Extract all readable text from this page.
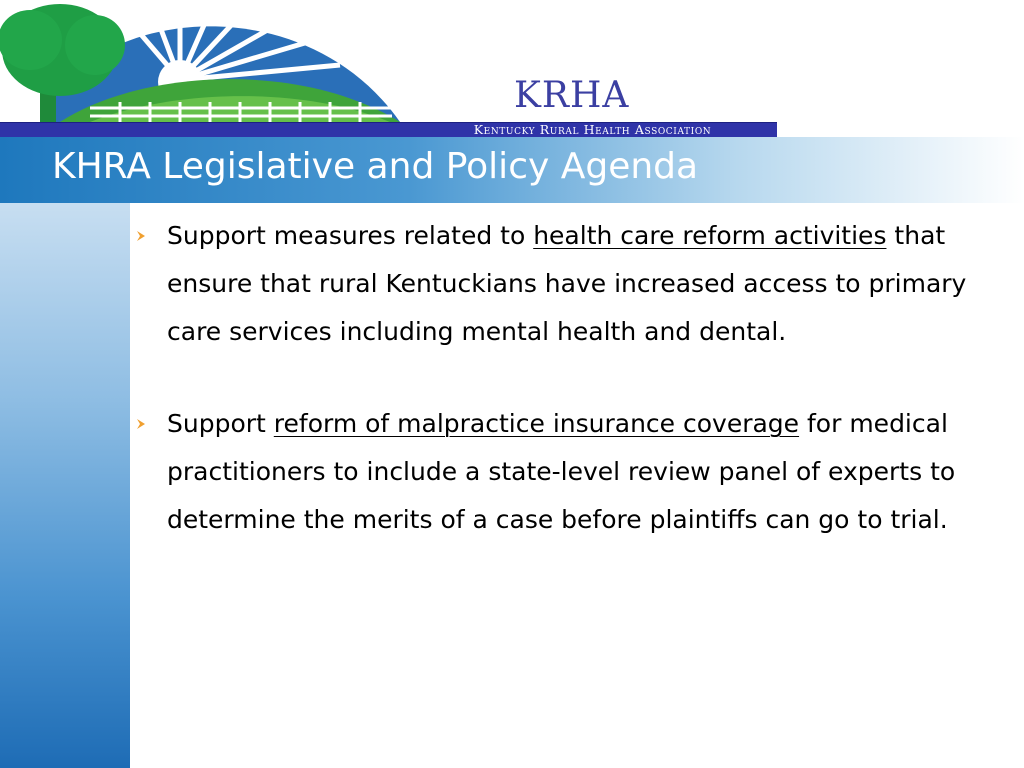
KRHA
Kentucky Rural Health Association
KHRA Legislative and Policy Agenda

Support measures related to health care reform activities that ensure that rural Kentuckians have increased access to primary care services including mental health and dental.

Support reform of malpractice insurance coverage for medical practitioners to include a state-level review panel of experts to determine the merits of a case before plaintiffs can go to trial.
